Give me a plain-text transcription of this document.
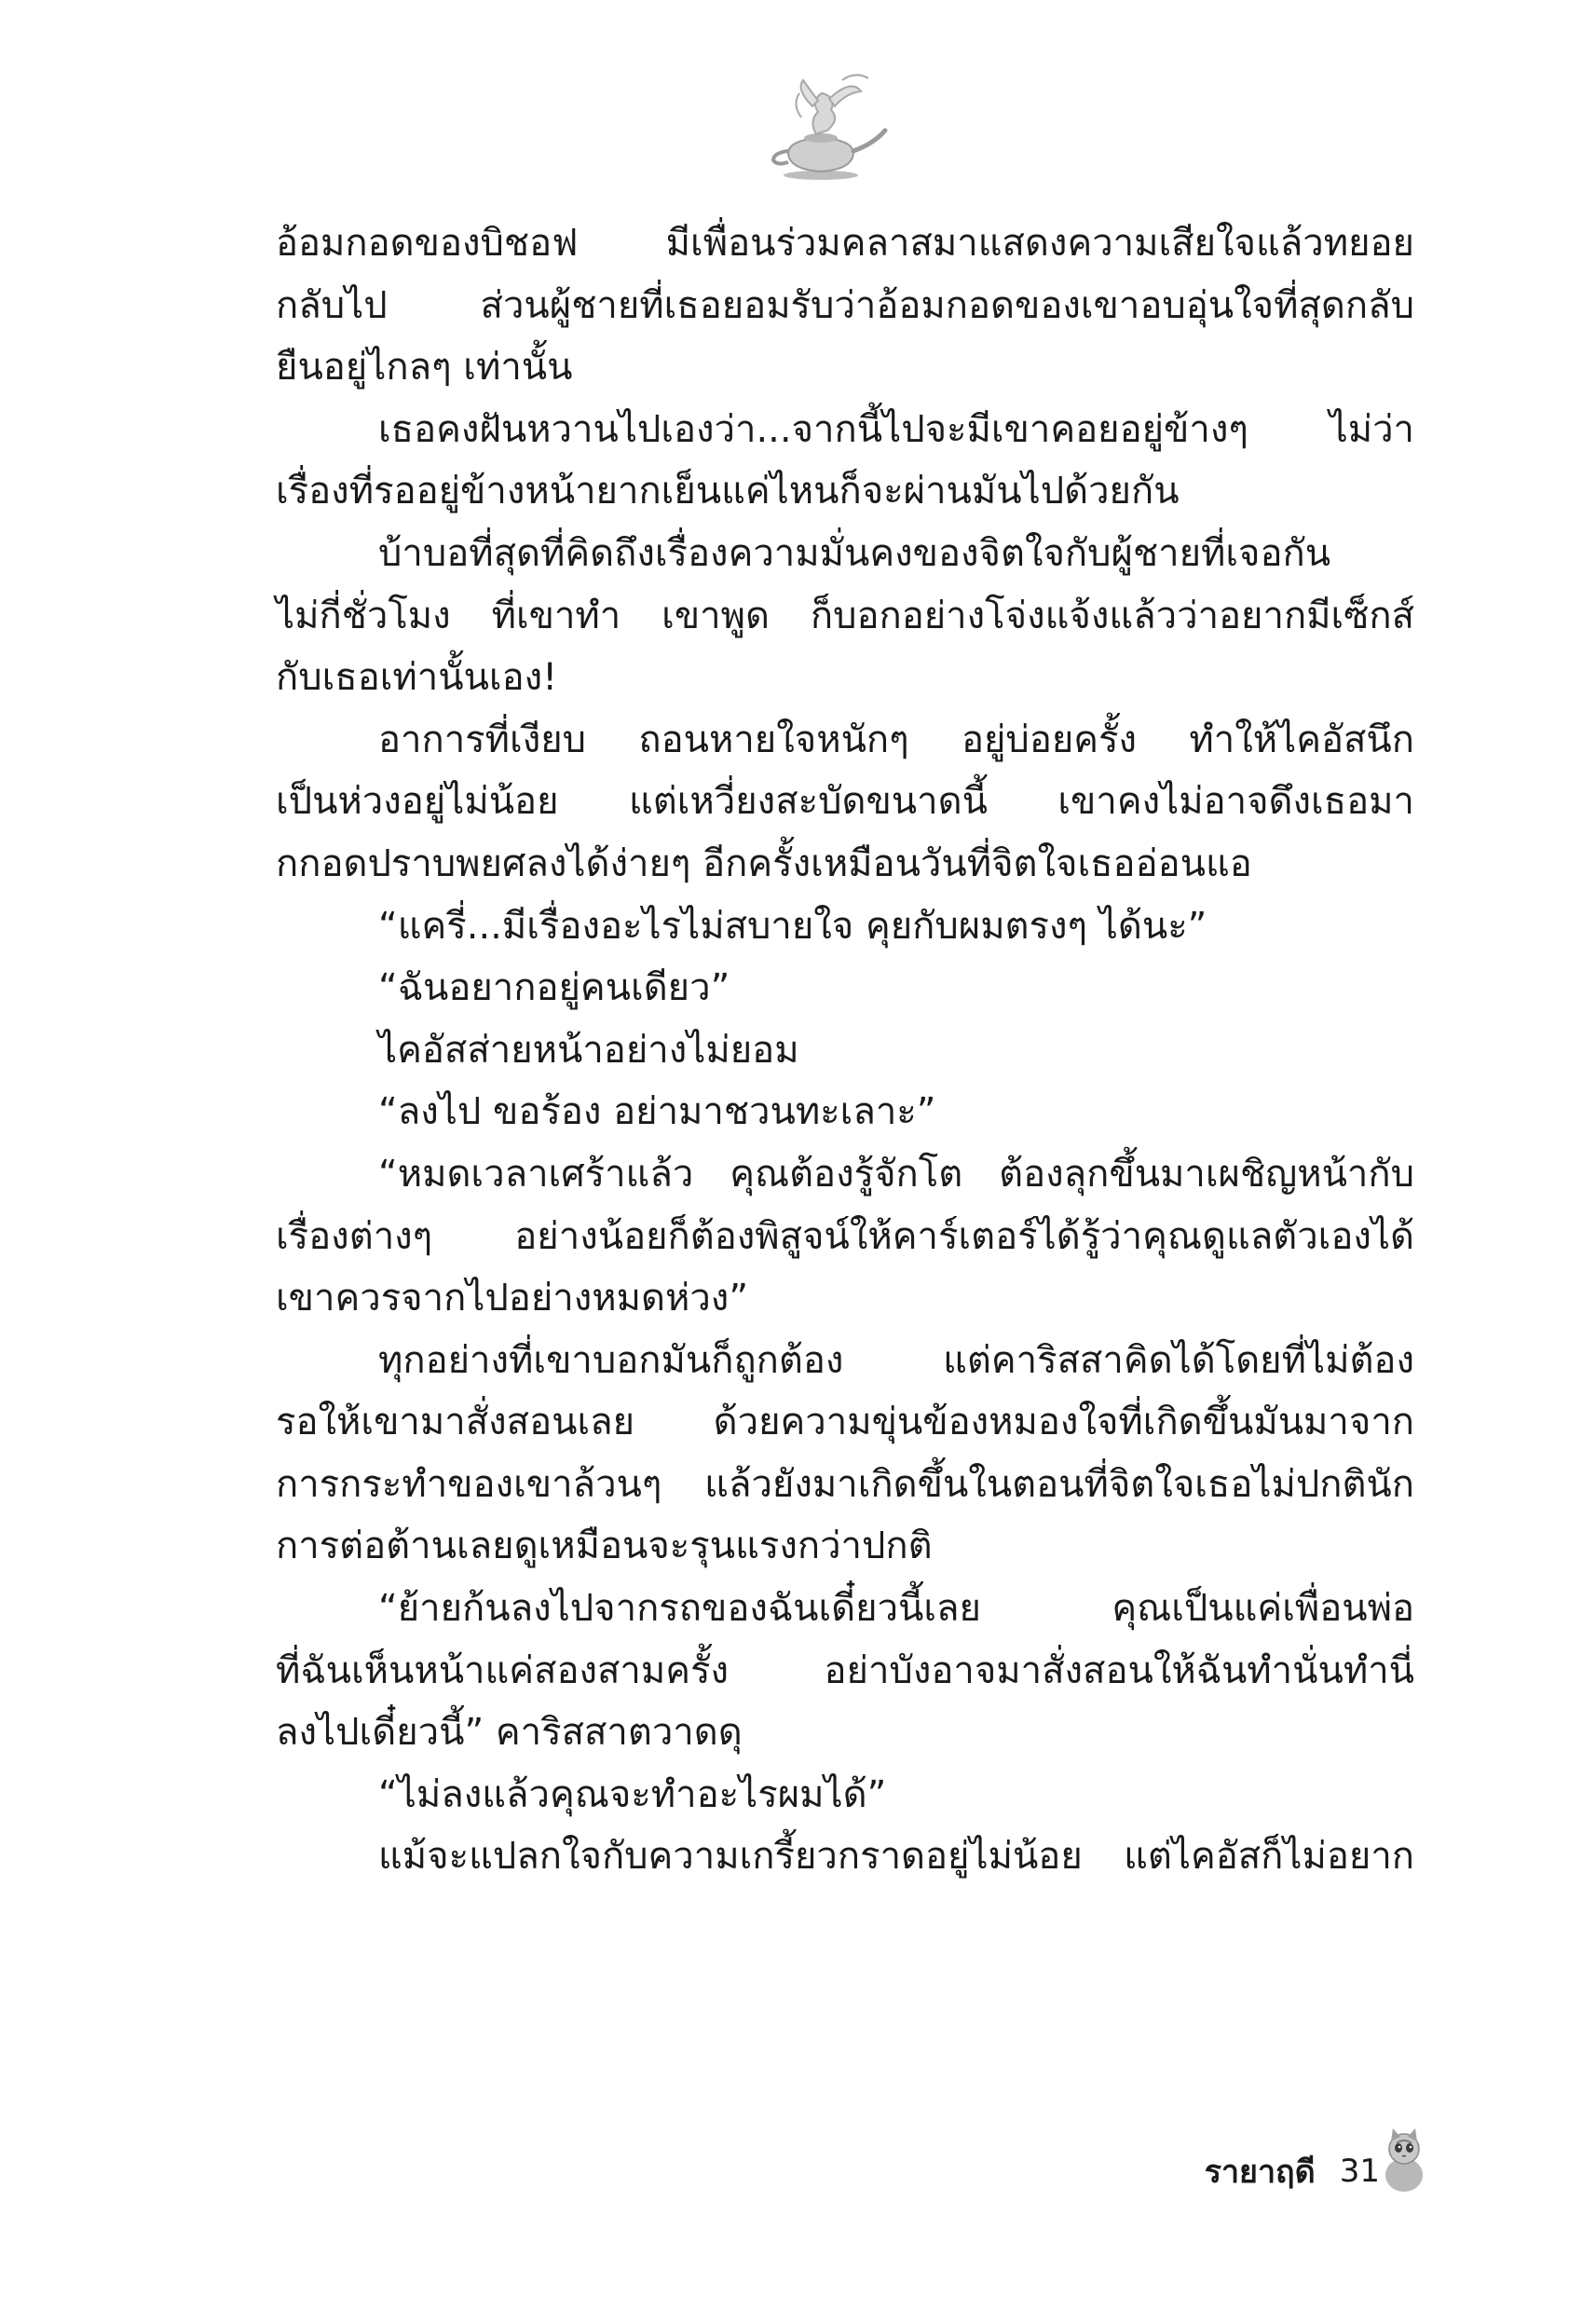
อ้อมกอดของบิชอฟ มีเพื่อนร่วมคลาสมาแสดงความเสียใจแล้วทยอย
กลับไป ส่วนผู้ชายที่เธอยอมรับว่าอ้อมกอดของเขาอบอุ่นใจที่สุดกลับ
ยืนอยู่ไกลๆ เท่านั้น
เธอคงฝันหวานไปเองว่า...จากนี้ไปจะมีเขาคอยอยู่ข้างๆ ไม่ว่า
เรื่องที่รออยู่ข้างหน้ายากเย็นแค่ไหนก็จะผ่านมันไปด้วยกัน
บ้าบอที่สุดที่คิดถึงเรื่องความมั่นคงของจิตใจกับผู้ชายที่เจอกัน
ไม่กี่ชั่วโมง ที่เขาทำ เขาพูด ก็บอกอย่างโจ่งแจ้งแล้วว่าอยากมีเซ็กส์
กับเธอเท่านั้นเอง!
อาการที่เงียบ ถอนหายใจหนักๆ อยู่บ่อยครั้ง ทำให้ไคอัสนึก
เป็นห่วงอยู่ไม่น้อย แต่เหวี่ยงสะบัดขนาดนี้ เขาคงไม่อาจดึงเธอมา
กกอดปราบพยศลงได้ง่ายๆ อีกครั้งเหมือนวันที่จิตใจเธออ่อนแอ
“แครี่...มีเรื่องอะไรไม่สบายใจ คุยกับผมตรงๆ ได้นะ”
“ฉันอยากอยู่คนเดียว”
ไคอัสส่ายหน้าอย่างไม่ยอม
“ลงไป ขอร้อง อย่ามาชวนทะเลาะ”
“หมดเวลาเศร้าแล้ว คุณต้องรู้จักโต ต้องลุกขึ้นมาเผชิญหน้ากับ
เรื่องต่างๆ อย่างน้อยก็ต้องพิสูจน์ให้คาร์เตอร์ได้รู้ว่าคุณดูแลตัวเองได้
เขาควรจากไปอย่างหมดห่วง”
ทุกอย่างที่เขาบอกมันก็ถูกต้อง แต่คาริสสาคิดได้โดยที่ไม่ต้อง
รอให้เขามาสั่งสอนเลย ด้วยความขุ่นข้องหมองใจที่เกิดขึ้นมันมาจาก
การกระทำของเขาล้วนๆ แล้วยังมาเกิดขึ้นในตอนที่จิตใจเธอไม่ปกตินัก
การต่อต้านเลยดูเหมือนจะรุนแรงกว่าปกติ
“ย้ายก้นลงไปจากรถของฉันเดี๋ยวนี้เลย คุณเป็นแค่เพื่อนพ่อ
ที่ฉันเห็นหน้าแค่สองสามครั้ง อย่าบังอาจมาสั่งสอนให้ฉันทำนั่นทำนี่
ลงไปเดี๋ยวนี้” คาริสสาตวาดดุ
“ไม่ลงแล้วคุณจะทำอะไรผมได้”
แม้จะแปลกใจกับความเกรี้ยวกราดอยู่ไม่น้อย แต่ไคอัสก็ไม่อยาก
รายาฤดี 31
